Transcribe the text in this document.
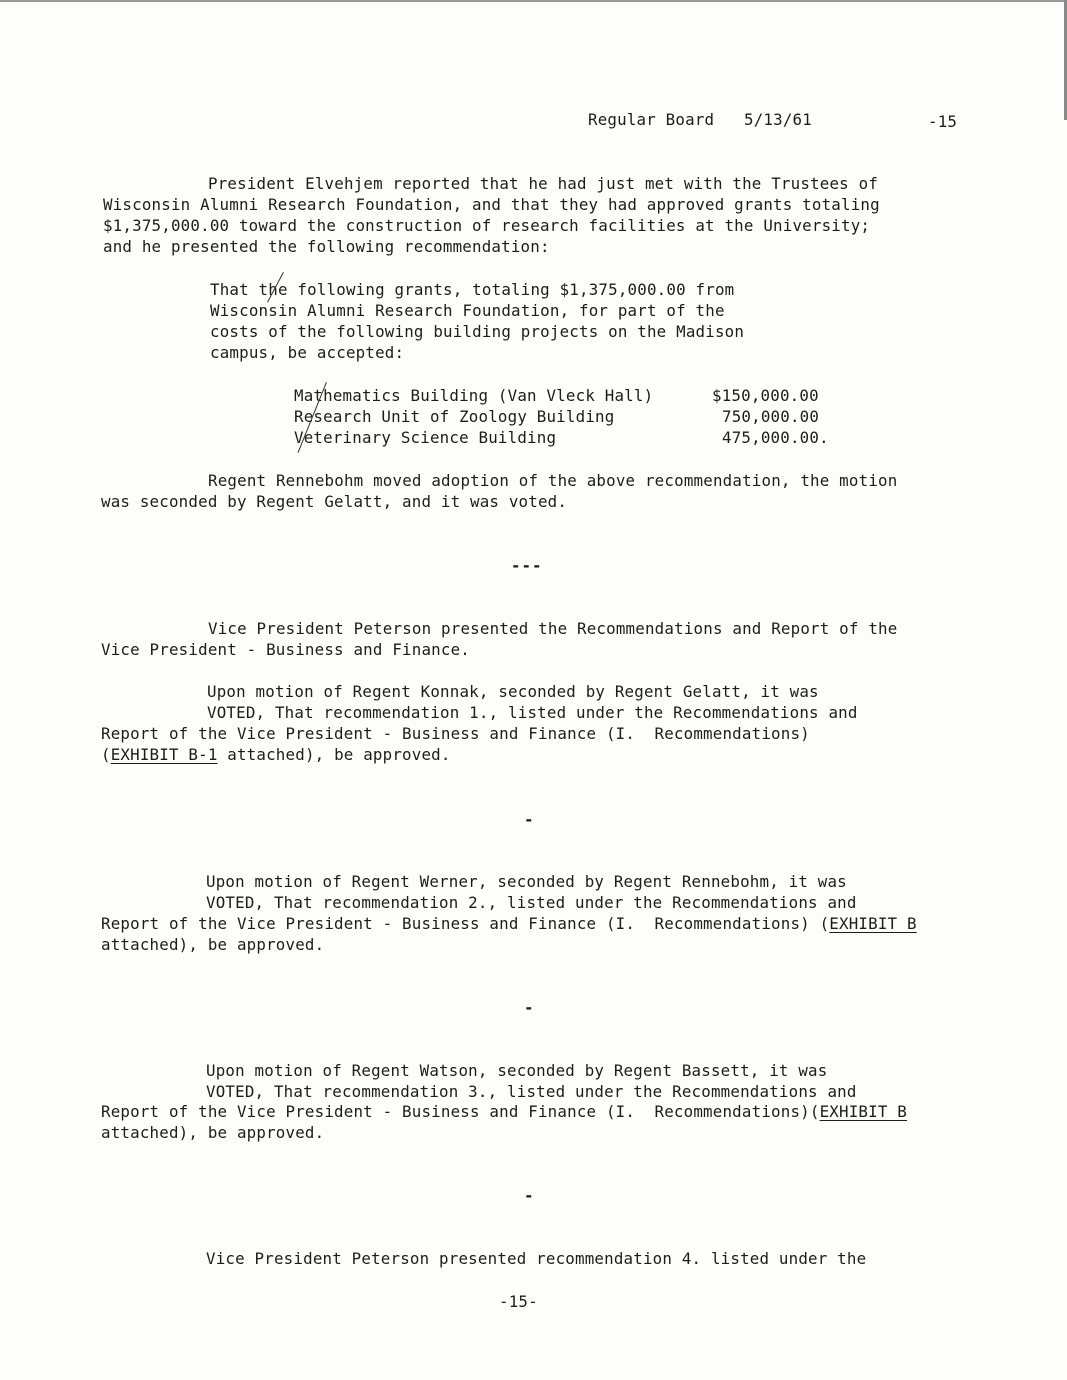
Regular Board 5/13/61	-15
President Elvehjem reported that he had just met with the Trustees of
Wisconsin Alumni Research Foundation, and that they had approved grants totaling
$1,375,000.00 toward the construction of research facilities at the University;
and he presented the following recommendation:
That the following grants, totaling $1,375,000.00 from
Wisconsin Alumni Research Foundation, for part of the
costs of the following building projects on the Madison
campus, be accepted:
Mathematics Building (Van Vleck Hall)	$150,000.00
Research Unit of Zoology Building	750,000.00
Veterinary Science Building	475,000.00.
Regent Rennebohm moved adoption of the above recommendation, the motion
was seconded by Regent Gelatt, and it was voted.
---
Vice President Peterson presented the Recommendations and Report of the
Vice President - Business and Finance.
Upon motion of Regent Konnak, seconded by Regent Gelatt, it was
VOTED, That recommendation 1., listed under the Recommendations and
Report of the Vice President - Business and Finance (I.  Recommendations)
(EXHIBIT B-1 attached), be approved.
-
Upon motion of Regent Werner, seconded by Regent Rennebohm, it was
VOTED, That recommendation 2., listed under the Recommendations and
Report of the Vice President - Business and Finance (I.  Recommendations) (EXHIBIT B
attached), be approved.
-
Upon motion of Regent Watson, seconded by Regent Bassett, it was
VOTED, That recommendation 3., listed under the Recommendations and
Report of the Vice President - Business and Finance (I.  Recommendations)(EXHIBIT B
attached), be approved.
-
Vice President Peterson presented recommendation 4. listed under the
-15-
